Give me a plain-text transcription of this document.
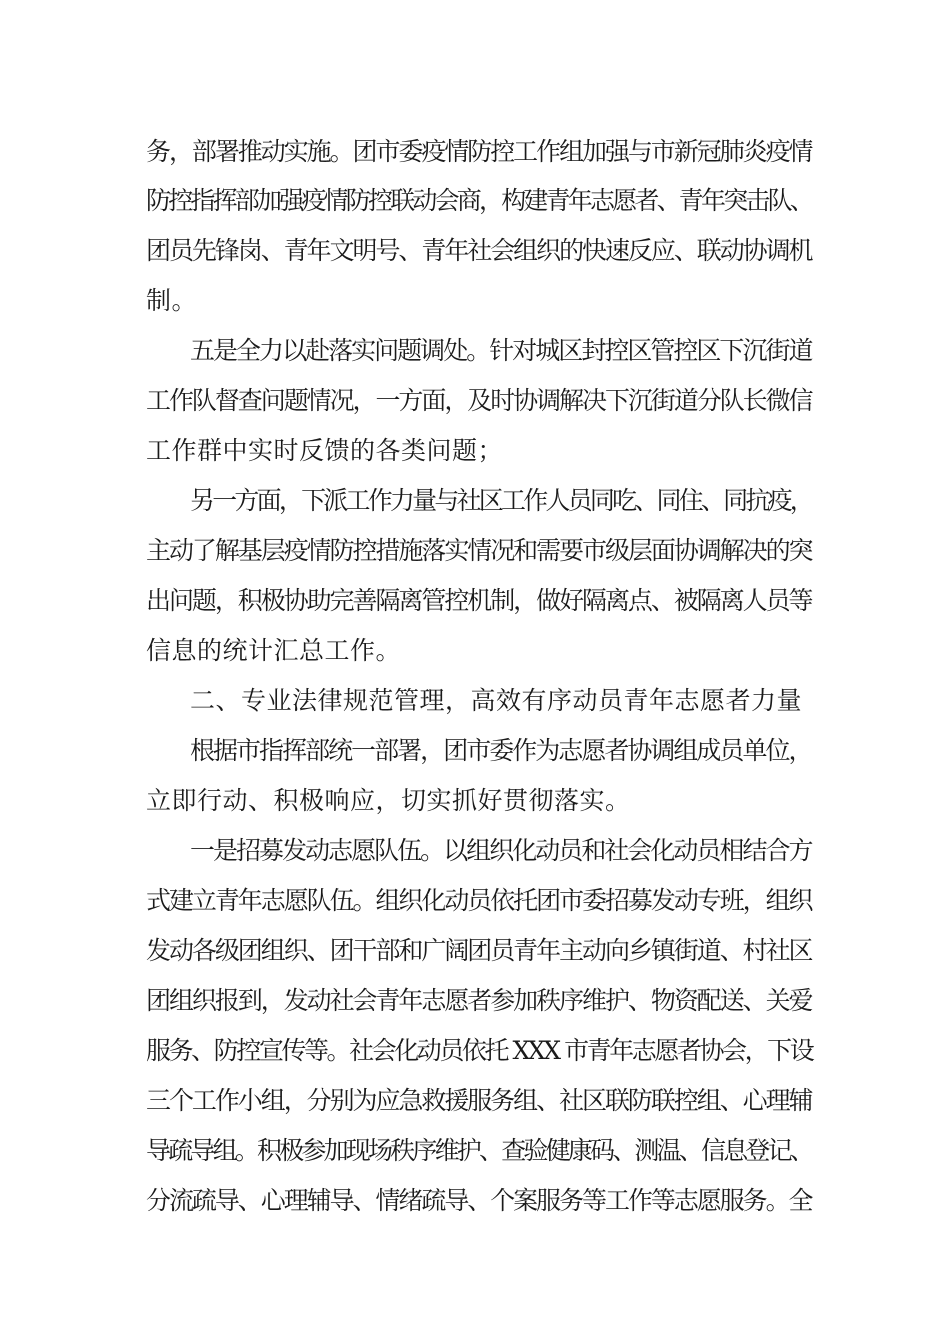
务，部署推动实施。团市委疫情防控工作组加强与市新冠肺炎疫情
防控指挥部加强疫情防控联动会商，构建青年志愿者、青年突击队、
团员先锋岗、青年文明号、青年社会组织的快速反应、联动协调机
制。
五是全力以赴落实问题调处。针对城区封控区管控区下沉街道
工作队督查问题情况，一方面，及时协调解决下沉街道分队长微信
工作群中实时反馈的各类问题；
另一方面，下派工作力量与社区工作人员同吃、同住、同抗疫，
主动了解基层疫情防控措施落实情况和需要市级层面协调解决的突
出问题，积极协助完善隔离管控机制，做好隔离点、被隔离人员等
信息的统计汇总工作。
二、专业法律规范管理，高效有序动员青年志愿者力量
根据市指挥部统一部署，团市委作为志愿者协调组成员单位，
立即行动、积极响应，切实抓好贯彻落实。
一是招募发动志愿队伍。以组织化动员和社会化动员相结合方
式建立青年志愿队伍。组织化动员依托团市委招募发动专班，组织
发动各级团组织、团干部和广阔团员青年主动向乡镇街道、村社区
团组织报到，发动社会青年志愿者参加秩序维护、物资配送、关爱
服务、防控宣传等。社会化动员依托 XXX 市青年志愿者协会，下设
三个工作小组，分别为应急救援服务组、社区联防联控组、心理辅
导疏导组。积极参加现场秩序维护、查验健康码、测温、信息登记、
分流疏导、心理辅导、情绪疏导、个案服务等工作等志愿服务。全
